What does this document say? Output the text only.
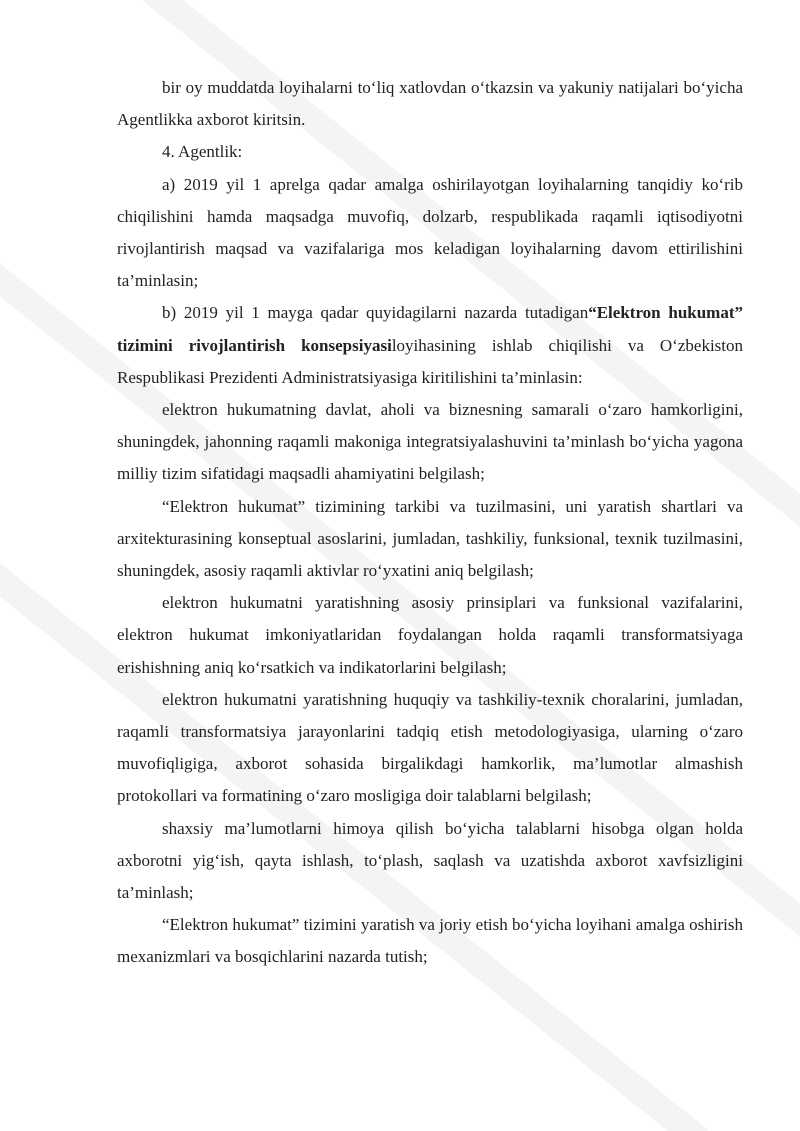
bir oy muddatda loyihalarni to‘liq xatlovdan o‘tkazsin va yakuniy natijalari bo‘yicha Agentlikka axborot kiritsin.

4. Agentlik:

a) 2019 yil 1 aprelga qadar amalga oshirilayotgan loyihalarning tanqidiy ko‘rib chiqilishini hamda maqsadga muvofiq, dolzarb, respublikada raqamli iqtisodiyotni rivojlantirish maqsad va vazifalariga mos keladigan loyihalarning davom ettirilishini ta’minlasin;

b) 2019 yil 1 mayga qadar quyidagilarni nazarda tutadigan“Elektron hukumat” tizimini rivojlantirish konsepsiyasiloyihasining ishlab chiqilishi va O‘zbekiston Respublikasi Prezidenti Administratsiyasiga kiritilishini ta’minlasin:

elektron hukumatning davlat, aholi va biznesning samarali o‘zaro hamkorligini, shuningdek, jahonning raqamli makoniga integratsiyalashuvini ta’minlash bo‘yicha yagona milliy tizim sifatidagi maqsadli ahamiyatini belgilash;

“Elektron hukumat” tizimining tarkibi va tuzilmasini, uni yaratish shartlari va arxitekturasining konseptual asoslarini, jumladan, tashkiliy, funksional, texnik tuzilmasini, shuningdek, asosiy raqamli aktivlar ro‘yxatini aniq belgilash;

elektron hukumatni yaratishning asosiy prinsiplari va funksional vazifalarini, elektron hukumat imkoniyatlaridan foydalangan holda raqamli transformatsiyaga erishishning aniq ko‘rsatkich va indikatorlarini belgilash;

elektron hukumatni yaratishning huquqiy va tashkiliy-texnik choralarini, jumladan, raqamli transformatsiya jarayonlarini tadqiq etish metodologiyasiga, ularning o‘zaro muvofiqligiga, axborot sohasida birgalikdagi hamkorlik, ma’lumotlar almashish protokollari va formatining o‘zaro mosligiga doir talablarni belgilash;

shaxsiy ma’lumotlarni himoya qilish bo‘yicha talablarni hisobga olgan holda axborotni yig‘ish, qayta ishlash, to‘plash, saqlash va uzatishda axborot xavfsizligini ta’minlash;

“Elektron hukumat” tizimini yaratish va joriy etish bo‘yicha loyihani amalga oshirish mexanizmlari va bosqichlarini nazarda tutish;
